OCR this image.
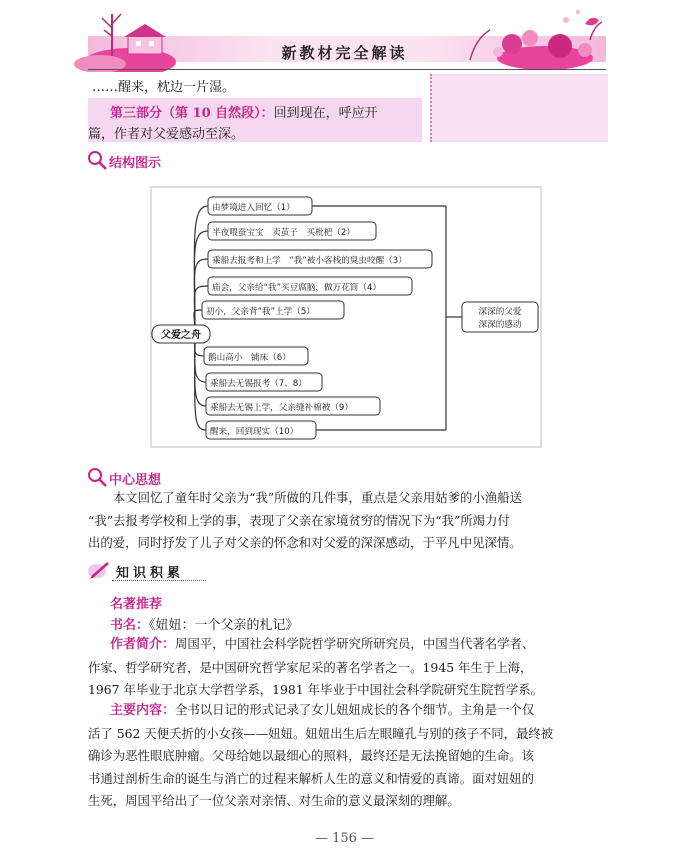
新教材完全解读
……醒来，枕边一片湿。
第三部分（第 10 自然段）：回到现在，呼应开
篇，作者对父爱感动至深。
结构图示
父爱之舟
由梦境进入回忆（1）
半夜喂蚕宝宝　卖茧子　买枇杷（2）
乘船去报考和上学　“我”被小客栈的臭虫咬醒（3）
庙会，父亲给“我”买豆腐脑，做万花筒（4）
初小，父亲背“我”上学（5）
鹅山高小　铺床（6）
乘船去无锡报考（7、8）
乘船去无锡上学，父亲缝补棉被（9）
醒来，回到现实（10）
深深的父爱
深深的感动
中心思想
本文回忆了童年时父亲为“我”所做的几件事，重点是父亲用姑爹的小渔船送
“我”去报考学校和上学的事，表现了父亲在家境贫穷的情况下为“我”所竭力付
出的爱，同时抒发了儿子对父亲的怀念和对父爱的深深感动，于平凡中见深情。
知识积累
名著推荐
书名：《妞妞：一个父亲的札记》
作者简介：周国平，中国社会科学院哲学研究所研究员，中国当代著名学者、
作家、哲学研究者，是中国研究哲学家尼采的著名学者之一。1945 年生于上海，
1967 年毕业于北京大学哲学系，1981 年毕业于中国社会科学院研究生院哲学系。
主要内容：全书以日记的形式记录了女儿妞妞成长的各个细节。主角是一个仅
活了 562 天便夭折的小女孩——妞妞。妞妞出生后左眼瞳孔与别的孩子不同，最终被
确诊为恶性眼底肿瘤。父母给她以最细心的照料，最终还是无法挽留她的生命。该
书通过剖析生命的诞生与消亡的过程来解析人生的意义和情爱的真谛。面对妞妞的
生死，周国平给出了一位父亲对亲情、对生命的意义最深刻的理解。
— 156 —
